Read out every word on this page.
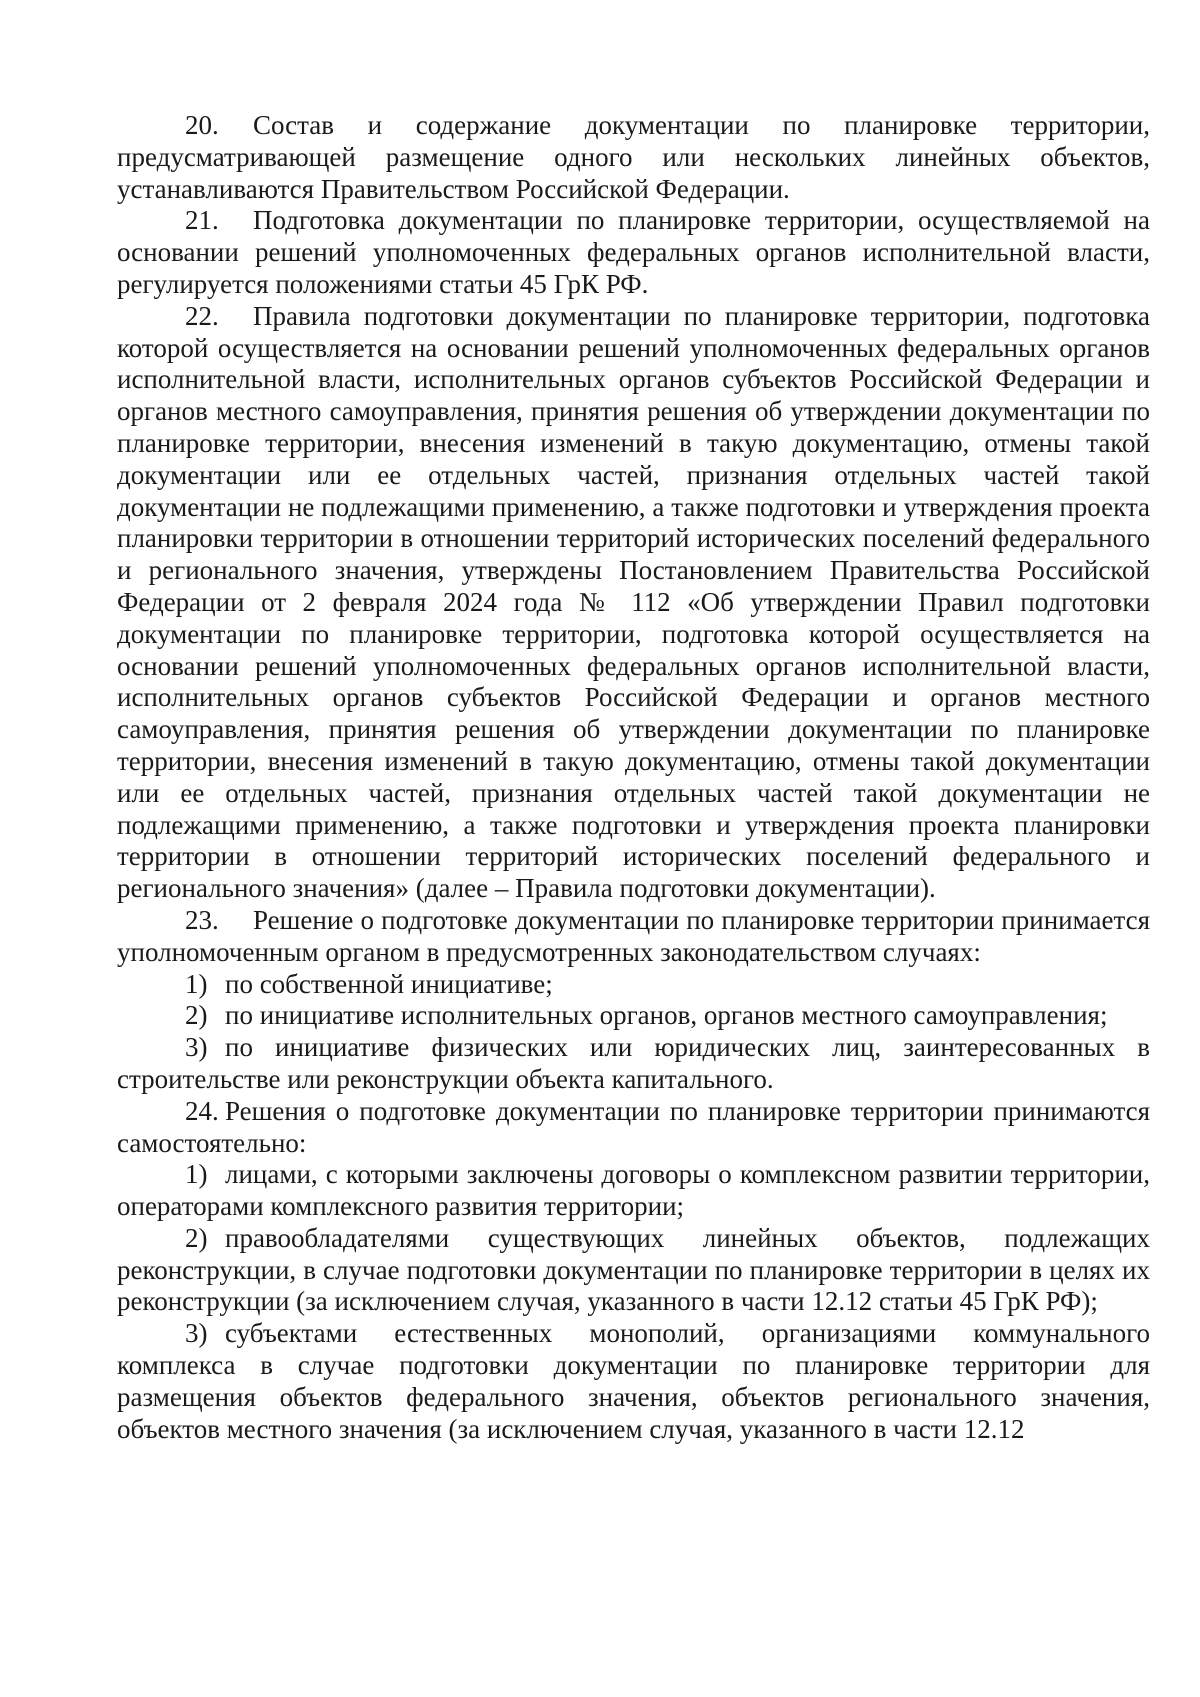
20. Состав и содержание документации по планировке территории, предусматривающей размещение одного или нескольких линейных объектов, устанавливаются Правительством Российской Федерации.

21. Подготовка документации по планировке территории, осуществляемой на основании решений уполномоченных федеральных органов исполнительной власти, регулируется положениями статьи 45 ГрК РФ.

22. Правила подготовки документации по планировке территории, подготовка которой осуществляется на основании решений уполномоченных федеральных органов исполнительной власти, исполнительных органов субъектов Российской Федерации и органов местного самоуправления, принятия решения об утверждении документации по планировке территории, внесения изменений в такую документацию, отмены такой документации или ее отдельных частей, признания отдельных частей такой документации не подлежащими применению, а также подготовки и утверждения проекта планировки территории в отношении территорий исторических поселений федерального и регионального значения, утверждены Постановлением Правительства Российской Федерации от 2 февраля 2024 года № 112 «Об утверждении Правил подготовки документации по планировке территории, подготовка которой осуществляется на основании решений уполномоченных федеральных органов исполнительной власти, исполнительных органов субъектов Российской Федерации и органов местного самоуправления, принятия решения об утверждении документации по планировке территории, внесения изменений в такую документацию, отмены такой документации или ее отдельных частей, признания отдельных частей такой документации не подлежащими применению, а также подготовки и утверждения проекта планировки территории в отношении территорий исторических поселений федерального и регионального значения» (далее – Правила подготовки документации).

23. Решение о подготовке документации по планировке территории принимается уполномоченным органом в предусмотренных законодательством случаях:

1) по собственной инициативе;

2) по инициативе исполнительных органов, органов местного самоуправления;

3) по инициативе физических или юридических лиц, заинтересованных в строительстве или реконструкции объекта капитального.

24. Решения о подготовке документации по планировке территории принимаются самостоятельно:

1) лицами, с которыми заключены договоры о комплексном развитии территории, операторами комплексного развития территории;

2) правообладателями существующих линейных объектов, подлежащих реконструкции, в случае подготовки документации по планировке территории в целях их реконструкции (за исключением случая, указанного в части 12.12 статьи 45 ГрК РФ);

3) субъектами естественных монополий, организациями коммунального комплекса в случае подготовки документации по планировке территории для размещения объектов федерального значения, объектов регионального значения, объектов местного значения (за исключением случая, указанного в части 12.12
